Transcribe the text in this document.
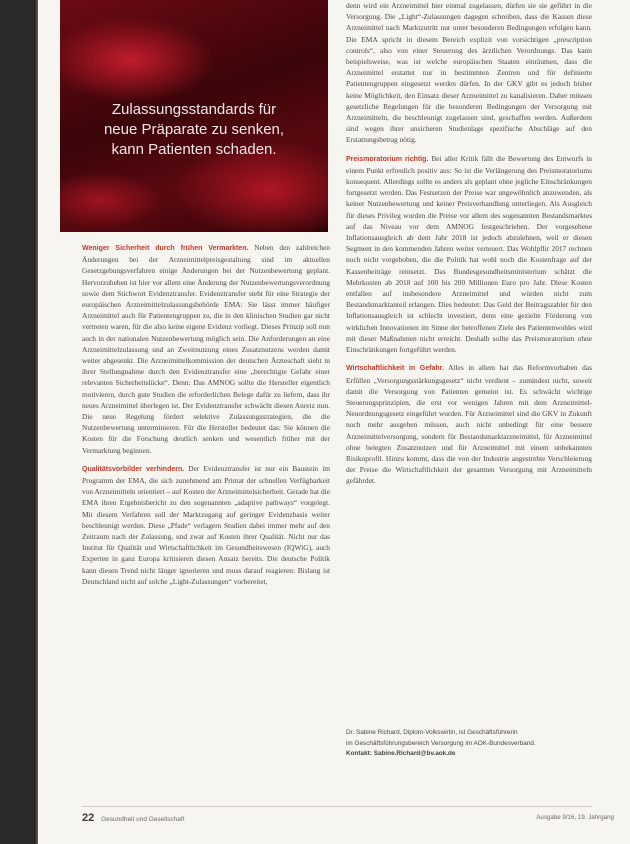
Zulassungsstandards für
neue Präparate zu senken,
kann Patienten schaden.

Weniger Sicherheit durch frühen Vermarkten. Neben den zahlreichen Änderungen bei der Arzneimittelpreisgestaltung sind im aktuellen Gesetzgebungsverfahren einige Änderungen bei der Nutzenbewertung geplant. Hervorzuheben ist hier vor allem eine Änderung der Nutzenbewertungsverordnung sowie dem Stichwort Evidenztransfer. Evidenztransfer steht für eine Strategie der europäischen Arzneimittelzulassungsbehörde EMA: Sie lässt immer häufiger Arzneimittel auch für Patientengruppen zu, die in den klinischen Studien gar nicht vertreten waren, für die also keine eigene Evidenz vorliegt. Dieses Prinzip soll nun auch in der nationalen Nutzenbewertung möglich sein. Die Anforderungen an eine Arzneimittelzulassung und an Zweitnutzung eines Zusatznutzens werden damit weiter abgesenkt. Die Arzneimittelkommission der deutschen Ärzteschaft sieht in ihrer Stellungnahme durch den Evidenztransfer eine „berechtigte Gefahr einer relevanten Sicherheitslücke“. Denn: Das AMNOG sollte die Hersteller eigentlich motivieren, durch gute Studien die erforderlichen Belege dafür zu liefern, dass ihr neues Arzneimittel überlegen ist. Der Evidenztransfer schwächt diesen Anreiz nun. Die neue Regelung fördert selektive Zulassungsstrategien, die die Nutzenbewertung unterminieren. Für die Hersteller bedeutet das: Sie können die Kosten für die Forschung deutlich senken und wesentlich früher mit der Vermarktung beginnen.

Qualitätsvorbilder verhindern. Der Evidenztransfer ist nur ein Baustein im Programm der EMA, die sich zunehmend am Primat der schnellen Verfügbarkeit von Arzneimitteln orientiert – auf Kosten der Arzneimittelsicherheit. Gerade hat die EMA ihren Ergebnisbericht zu den sogenannten „adaptive pathways“ vorgelegt. Mit diesem Verfahren soll der Marktzugang auf geringer Evidenzbasis weiter beschleunigt werden. Diese „Pfade“ verlagern Studien dabei immer mehr auf den Zeitraum nach der Zulassung, und zwar auf Kosten ihrer Qualität. Nicht nur das Institut für Qualität und Wirtschaftlichkeit im Gesundheitswesen (IQWiG), auch Experten in ganz Europa kritisieren diesen Ansatz bereits. Die deutsche Politik kann diesen Trend nicht länger ignorieren und muss darauf reagieren: Bislang ist Deutschland nicht auf solche „Light-Zulassungen“ vorbereitet,

denn wird ein Arzneimittel hier einmal zugelassen, dürfen sie sie geführt in die Versorgung. Die „Light“-Zulassungen dagegen schreiben, dass die Kassen diese Arzneimittel nach Marktzutritt nur unter besonderen Bedingungen erfolgen kann. Die EMA spricht in diesem Bereich explizit von vorsichtigen „prescription controls“, also von einer Steuerung des ärztlichen Verordnungs. Das kann beispielsweise, was ist welche europäischen Staaten einräumen, dass die Arzneimittel erstattet nur in bestimmten Zentren und für definierte Patientengruppen eingesetzt werden dürfen. In der GKV gibt es jedoch bisher keine Möglichkeit, den Einsatz dieser Arzneimittel zu kanalisieren. Daher müssen gesetzliche Regelungen für die besonderen Bedingungen der Versorgung mit Arzneimitteln, die beschleunigt zugelassen sind, geschaffen werden. Außerdem sind wegen ihrer unsicheren Studienlage spezifische Abschläge auf den Erstattungsbetrag nötig.

Preismoratorium richtig. Bei aller Kritik fällt die Bewertung des Entwurfs in einem Punkt erfreulich positiv aus: So ist die Verlängerung des Preismoratoriums konsequent. Allerdings sollte es anders als geplant ohne jegliche Einschränkungen fortgesetzt werden. Das Festsetzen der Preise war ungewöhnlich anzuwenden, als keiner Nutzenbewertung und keiner Preisverhandlung unterliegen. Als Ausgleich für dieses Privileg wurden die Preise vor allem des sogenannten Bestandsmarktes auf das Niveau vor dem AMNOG festgeschrieben. Der vorgesehene Inflationsausgleich ab dem Jahr 2018 ist jedoch abzulehnen, weil er diesen Segment in den kommenden Jahren weiter verteuert. Das Wohlpflir 2017 rechnen noch nicht vorgehoben, die die Politik hat wohl noch die Kostenfrage auf der Kassenbeiträge reinsetzt. Das Bundesgesundheitsministerium schätzt die Mehrkosten ab 2018 auf 100 bis 200 Millionen Euro pro Jahr. Diese Kosten entfallen auf insbesondere Arzneimittel und würden nicht zum Bestandsmarktanteil erlangen. Dies bedeutet: Das Geld der Beitragszahler für den Inflationsausgleich ist schlecht investiert, denn eine gezielte Förderung von wirklichen Innovationen im Sinne der betroffenen Ziele des Patientenwohles wird mit dieser Maßnahmen nicht erreicht. Deshalb sollte das Preismoratorium ohne Einschränkungen fortgeführt werden.

Wirtschaftlichkeit in Gefahr. Alles in allem hat das Reformvorhaben das Erfüllen „Versorgungsstärkungsgesetz“ nicht verdient – zumindest nicht, soweit damit die Versorgung von Patienten gemeint ist. Es schwächt wichtige Steuerungsprinzipien, die erst vor wenigen Jahren mit dem Arzneimittel-Neuordnungsgesetz eingeführt wurden. Für Arzneimittel sind die GKV in Zukunft noch mehr ausgeben müssen, auch nicht unbedingt für eine bessere Arzneimittelversorgung, sondern für Bestandsmarktarzneimittel, für Arzneimittel ohne belegten Zusatznutzen und für Arzneimittel mit einem unbekannten Risikoprofil. Hinzu kommt, dass die von der Industrie angestrebte Verschleierung der Preise die Wirtschaftlichkeit der gesamten Versorgung mit Arzneimitteln gefährdet.

Dr. Sabine Richard, Diplom-Volkswirtin, ist Geschäftsführerin
im Geschäftsführungsbereich Versorgung im AOK-Bundesverband.
Kontakt: Sabine.Richard@bv.aok.de
22 Gesundheit und Gesellschaft	Ausgabe 9/16, 19. Jahrgang
